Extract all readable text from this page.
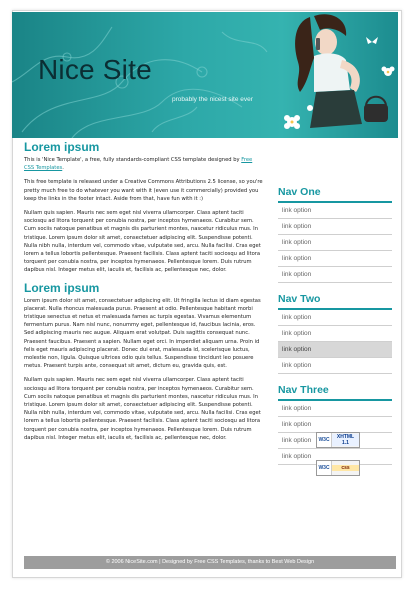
Nice Site
probably the nicest site ever
Lorem ipsum

This is 'Nice Template', a free, fully standards-compliant CSS template designed by Free CSS Templates.

This free template is released under a Creative Commons Attributions 2.5 license, so you're pretty much free to do whatever you want with it (even use it commercially) provided you keep the links in the footer intact. Aside from that, have fun with it :)

Nullam quis sapien. Mauris nec sem eget nisl viverra ullamcorper. Class aptent taciti sociosqu ad litora torquent per conubia nostra, per inceptos hymenaeos. Curabitur sem. Cum sociis natoque penatibus et magnis dis parturient montes, nascetur ridiculus mus. In tristique. Lorem ipsum dolor sit amet, consectetuer adipiscing elit. Suspendisse potenti. Nulla nibh nulla, interdum vel, commodo vitae, vulputate sed, arcu. Nulla facilisi. Cras eget lorem a tellus lobortis pellentesque. Praesent facilisis. Class aptent taciti sociosqu ad litora torquent per conubia nostra, per inceptos hymenaeos. Pellentesque lorem. Duis rutrum dapibus nisl. Integer metus elit, iaculis et, facilisis ac, pellentesque nec, dolor.

Lorem ipsum

Lorem ipsum dolor sit amet, consectetuer adipiscing elit. Ut fringilla lectus id diam egestas placerat. Nulla rhoncus malesuada purus. Praesent at odio. Pellentesque habitant morbi tristique senectus et netus et malesuada fames ac turpis egestas. Vivamus elementum fermentum purus. Nam nisl nunc, nonummy eget, pellentesque id, faucibus lacinia, eros. Sed adipiscing mauris nec augue. Aliquam erat volutpat. Duis sagittis consequat nunc. Praesent faucibus. Praesent a sapien. Nullam eget orci. In imperdiet aliquam urna. Proin id felis eget mauris adipiscing placerat. Donec dui erat, malesuada id, scelerisque luctus, molestie non, ligula. Quisque ultrices odio quis tellus. Suspendisse tincidunt leo posuere metus. Praesent turpis ante, consequat sit amet, dictum eu, gravida quis, est.

Nullam quis sapien. Mauris nec sem eget nisl viverra ullamcorper. Class aptent taciti sociosqu ad litora torquent per conubia nostra, per inceptos hymenaeos. Curabitur sem. Cum sociis natoque penatibus et magnis dis parturient montes, nascetur ridiculus mus. In tristique. Lorem ipsum dolor sit amet, consectetuer adipiscing elit. Suspendisse potenti. Nulla nibh nulla, interdum vel, commodo vitae, vulputate sed, arcu. Nulla facilisi. Cras eget lorem a tellus lobortis pellentesque. Praesent facilisis. Class aptent taciti sociosqu ad litora torquent per conubia nostra, per inceptos hymenaeos. Pellentesque lorem. Duis rutrum dapibus nisl. Integer metus elit, iaculis et, facilisis ac, pellentesque nec, dolor.

Nav One
link option
link option
link option
link option
link option
Nav Two
link option
link option
link option
link option
Nav Three
link option
link option
link option
link option
W3C	XHTML 1.1
W3C	css
© 2006 NiceSite.com | Designed by Free CSS Templates, thanks to Best Web Design
